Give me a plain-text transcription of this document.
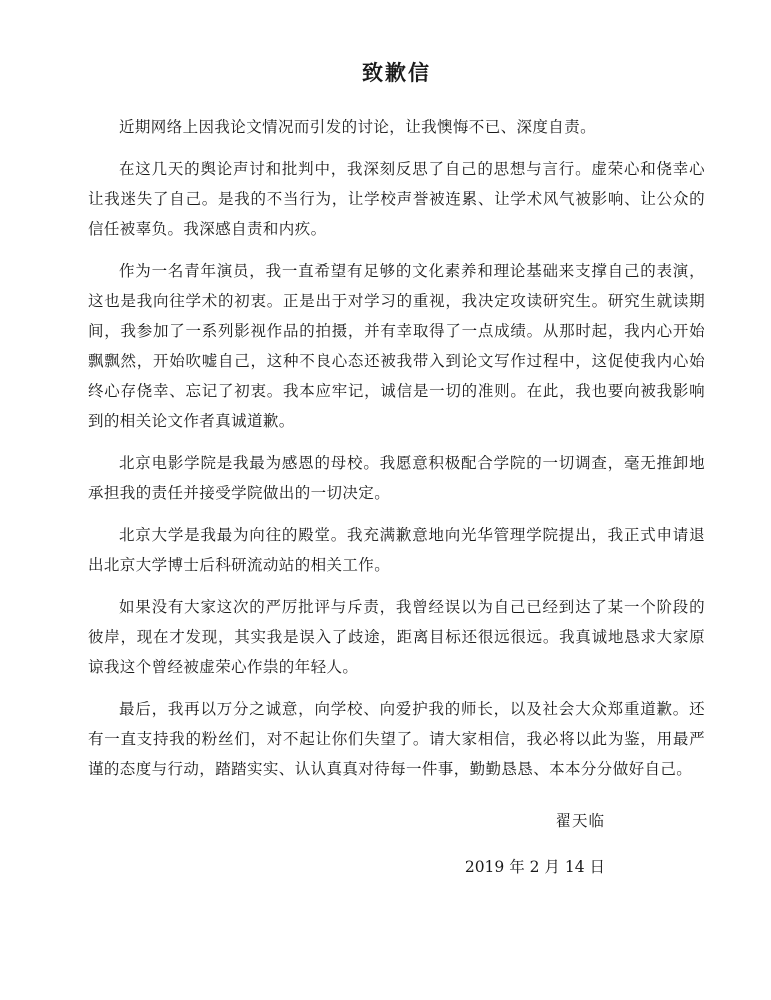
致歉信

近期网络上因我论文情况而引发的讨论，让我懊悔不已、深度自责。

在这几天的舆论声讨和批判中，我深刻反思了自己的思想与言行。虚荣心和侥幸心让我迷失了自己。是我的不当行为，让学校声誉被连累、让学术风气被影响、让公众的信任被辜负。我深感自责和内疚。

作为一名青年演员，我一直希望有足够的文化素养和理论基础来支撑自己的表演，这也是我向往学术的初衷。正是出于对学习的重视，我决定攻读研究生。研究生就读期间，我参加了一系列影视作品的拍摄，并有幸取得了一点成绩。从那时起，我内心开始飘飘然，开始吹嘘自己，这种不良心态还被我带入到论文写作过程中，这促使我内心始终心存侥幸、忘记了初衷。我本应牢记，诚信是一切的准则。在此，我也要向被我影响到的相关论文作者真诚道歉。

北京电影学院是我最为感恩的母校。我愿意积极配合学院的一切调查，毫无推卸地承担我的责任并接受学院做出的一切决定。

北京大学是我最为向往的殿堂。我充满歉意地向光华管理学院提出，我正式申请退出北京大学博士后科研流动站的相关工作。

如果没有大家这次的严厉批评与斥责，我曾经误以为自己已经到达了某一个阶段的彼岸，现在才发现，其实我是误入了歧途，距离目标还很远很远。我真诚地恳求大家原谅我这个曾经被虚荣心作祟的年轻人。

最后，我再以万分之诚意，向学校、向爱护我的师长，以及社会大众郑重道歉。还有一直支持我的粉丝们，对不起让你们失望了。请大家相信，我必将以此为鉴，用最严谨的态度与行动，踏踏实实、认认真真对待每一件事，勤勤恳恳、本本分分做好自己。

翟天临
2019 年 2 月 14 日
